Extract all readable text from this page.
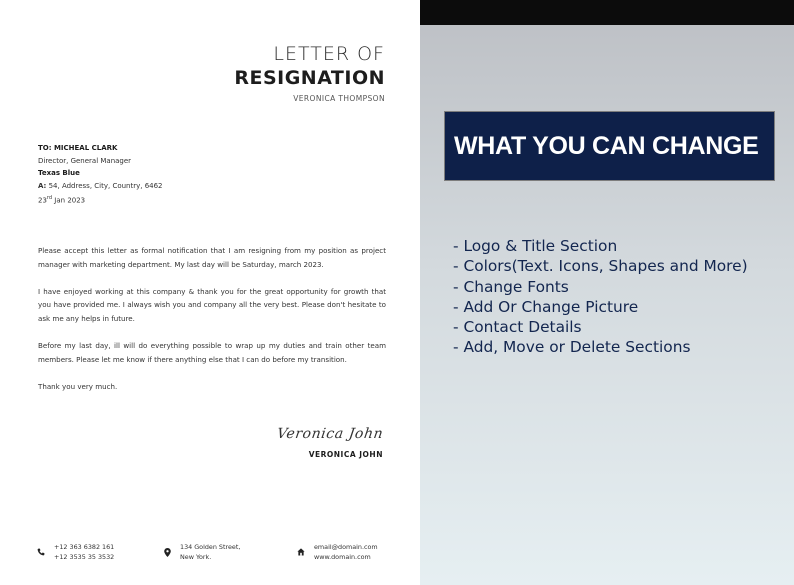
LETTER OF
RESIGNATION
VERONICA THOMPSON
TO: MICHEAL CLARK
Director, General Manager
Texas Blue
A: 54, Address, City, Country, 6462
23rd Jan 2023

Please accept this letter as formal notification that I am resigning from my position as project manager with marketing department. My last day will be Saturday, march 2023.

I have enjoyed working at this company & thank you for the great opportunity for growth that you have provided me. I always wish you and company all the very best. Please don't hesitate to ask me any helps in future.

Before my last day, ill will do everything possible to wrap up my duties and train other team members. Please let me know if there anything else that I can do before my transition.

Thank you very much.

Veronica John
VERONICA JOHN
+12 363 6382 161
+12 3535 35 3532
134 Golden Street,
New York.
email@domain.com
www.domain.com
WHAT YOU CAN CHANGE
- Logo & Title Section
- Colors(Text. Icons, Shapes and More)
- Change Fonts
- Add Or Change Picture
- Contact Details
- Add, Move or Delete Sections
